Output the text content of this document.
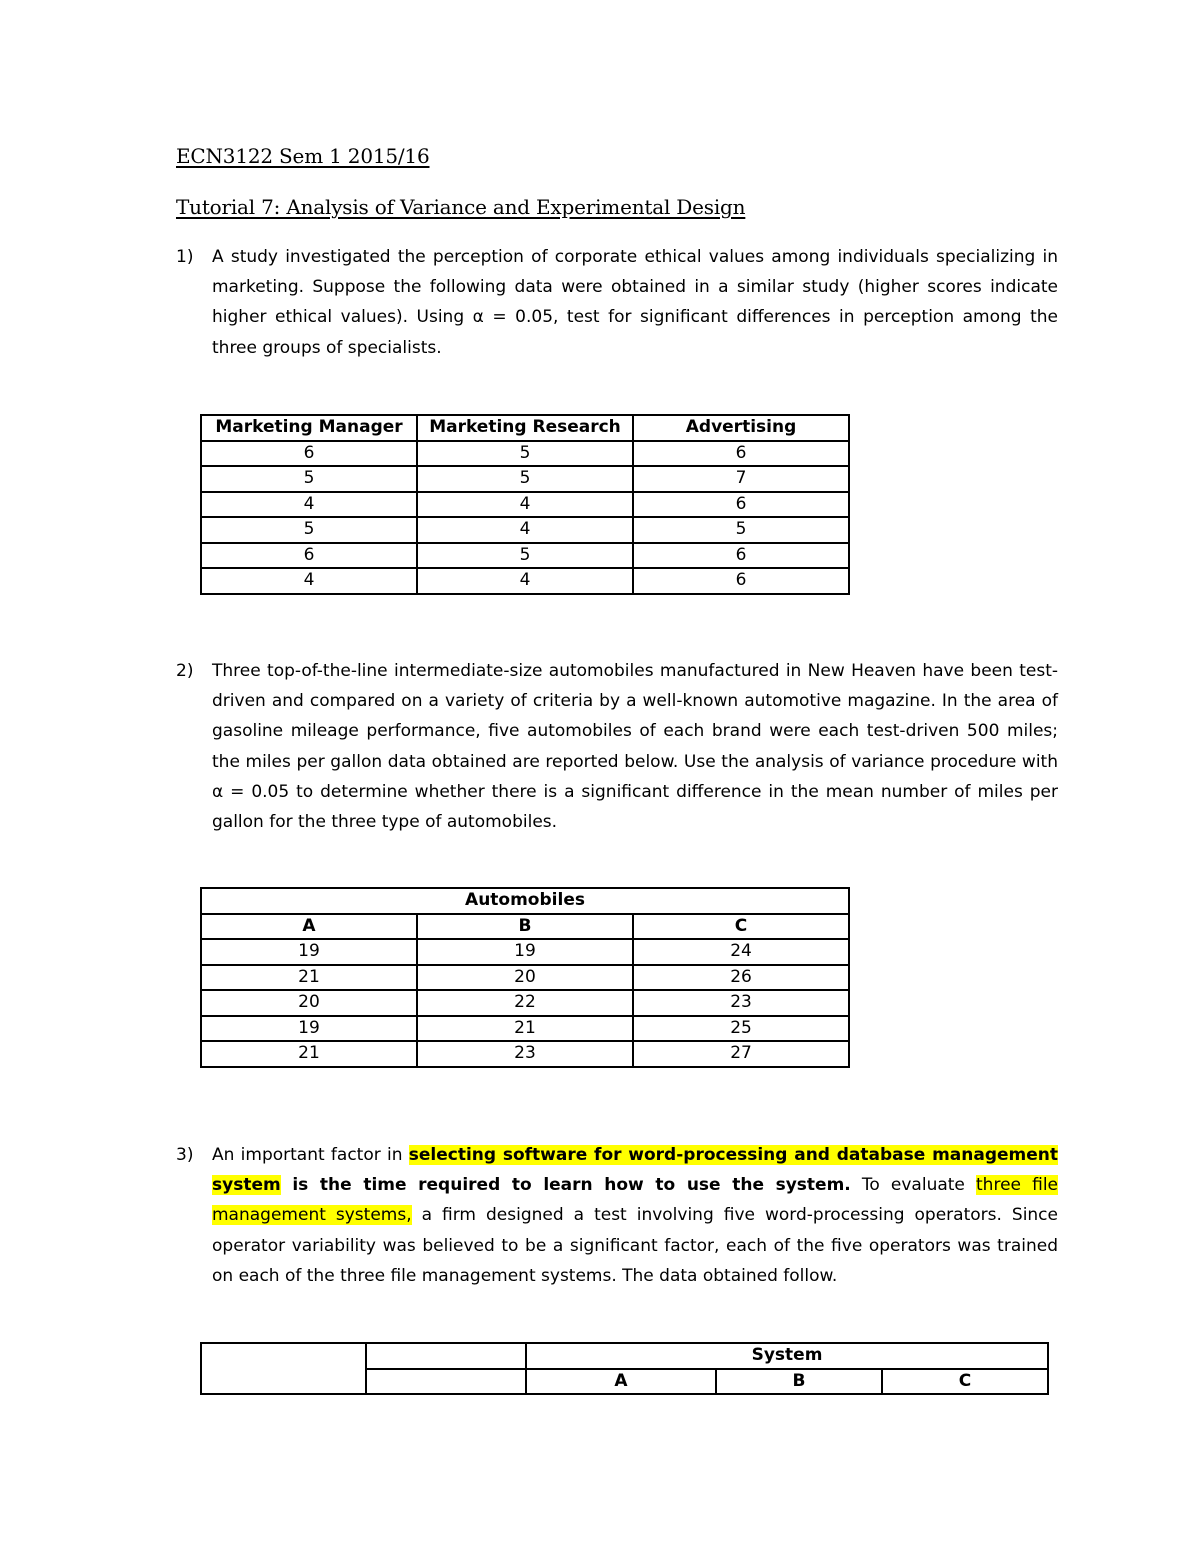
ECN3122 Sem 1 2015/16
Tutorial 7: Analysis of Variance and Experimental Design
1) A study investigated the perception of corporate ethical values among individuals specializing in marketing. Suppose the following data were obtained in a similar study (higher scores indicate higher ethical values). Using α = 0.05, test for significant differences in perception among the three groups of specialists.
Marketing Manager	Marketing Research	Advertising
6	5	6
5	5	7
4	4	6
5	4	5
6	5	6
4	4	6
2) Three top-of-the-line intermediate-size automobiles manufactured in New Heaven have been test-driven and compared on a variety of criteria by a well-known automotive magazine. In the area of gasoline mileage performance, five automobiles of each brand were each test-driven 500 miles; the miles per gallon data obtained are reported below. Use the analysis of variance procedure with α = 0.05 to determine whether there is a significant difference in the mean number of miles per gallon for the three type of automobiles.
Automobiles		
A	B	C
19	19	24
21	20	26
20	22	23
19	21	25
21	23	27
3) An important factor in selecting software for word-processing and database management system is the time required to learn how to use the system. To evaluate three file management systems, a firm designed a test involving five word-processing operators. Since operator variability was believed to be a significant factor, each of the five operators was trained on each of the three file management systems. The data obtained follow.
		System		
		A	B	C
